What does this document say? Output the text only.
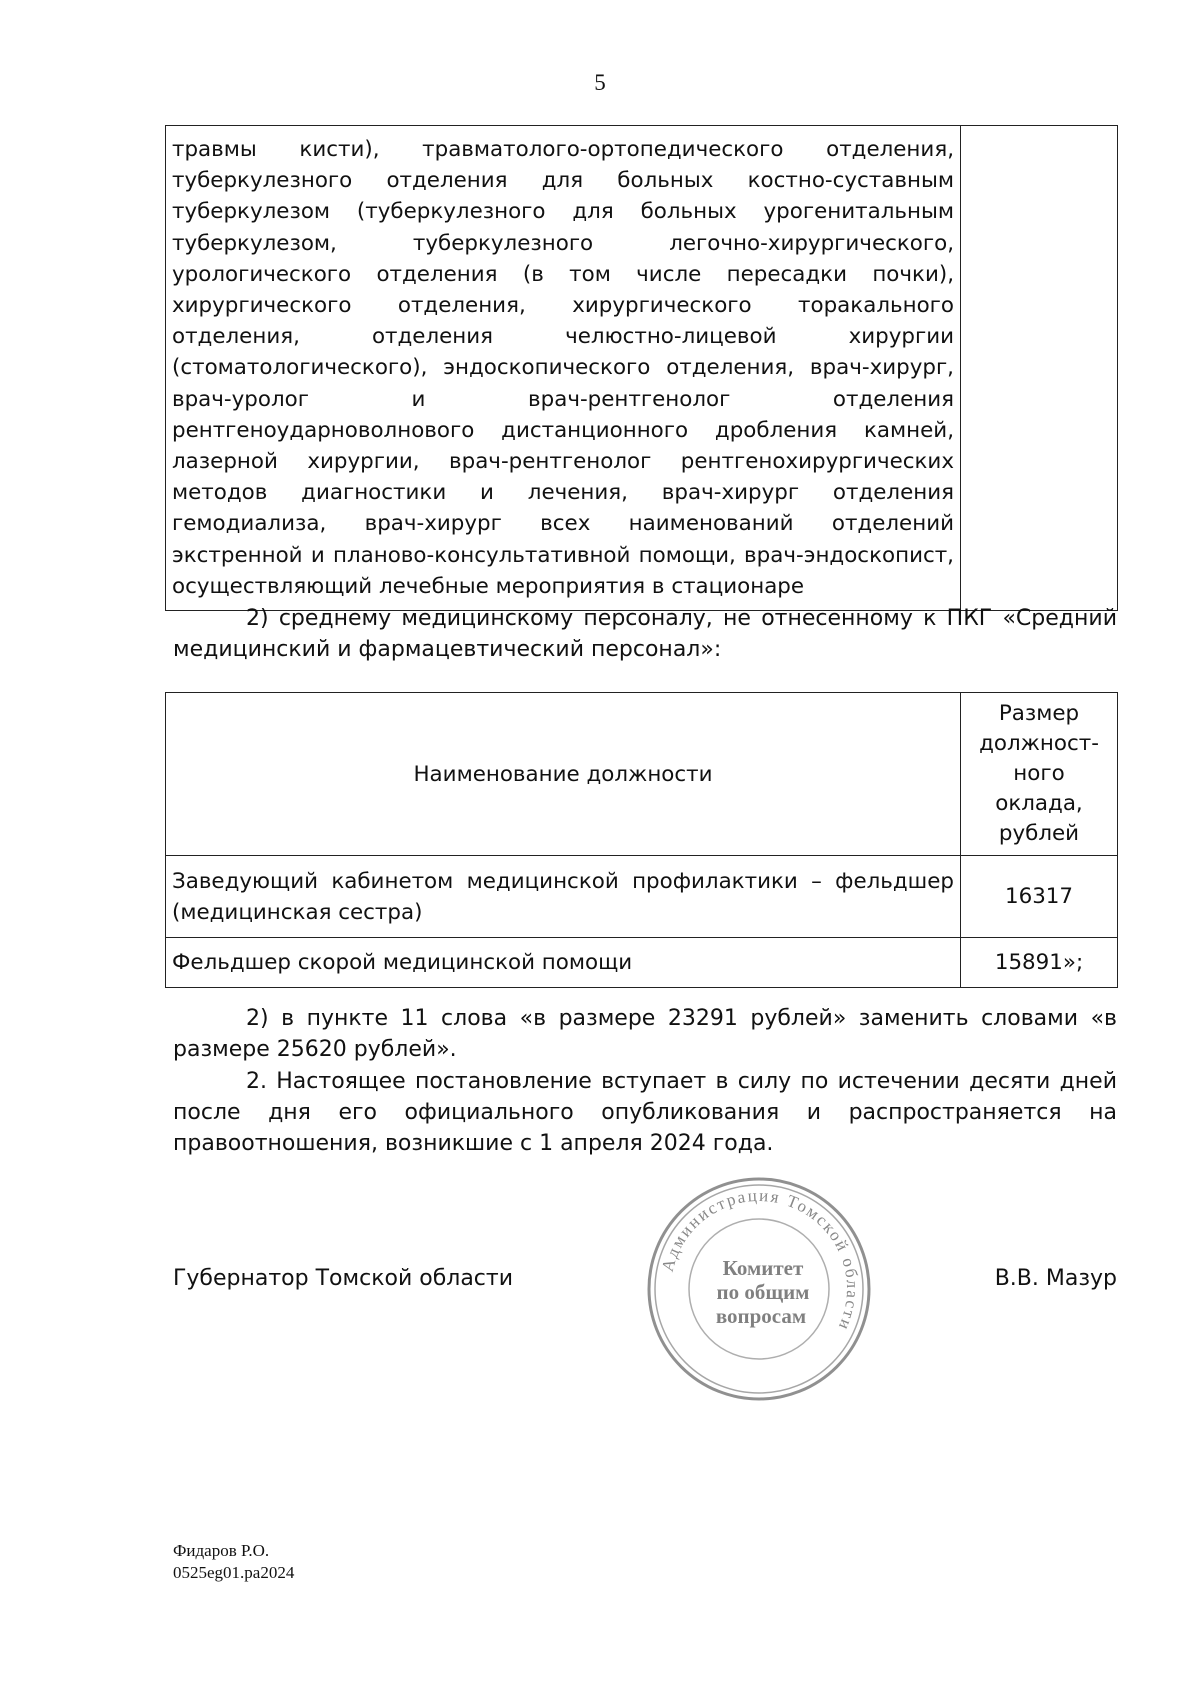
5
травмы кисти), травматолого-ортопедического отделения, туберкулезного отделения для больных костно-суставным туберкулезом (туберкулезного для больных урогенитальным туберкулезом, туберкулезного легочно-хирургического, урологического отделения (в том числе пересадки почки), хирургического отделения, хирургического торакального отделения, отделения челюстно-лицевой хирургии (стоматологического), эндоскопического отделения, врач-хирург, врач-уролог и врач-рентгенолог отделения рентгеноударноволнового дистанционного дробления камней, лазерной хирургии, врач-рентгенолог рентгенохирургических методов диагностики и лечения, врач-хирург отделения гемодиализа, врач-хирург всех наименований отделений экстренной и планово-консультативной помощи, врач-эндоскопист, осуществляющий лечебные мероприятия в стационаре	

2) среднему медицинскому персоналу, не отнесенному к ПКГ «Средний медицинский и фармацевтический персонал»:

Наименование должности	Размер должност-ного оклада, рублей
Заведующий кабинетом медицинской профилактики – фельдшер (медицинская сестра)	16317
Фельдшер скорой медицинской помощи	15891»;

2) в пункте 11 слова «в размере 23291 рублей» заменить словами «в размере 25620 рублей».

2. Настоящее постановление вступает в силу по истечении десяти дней после дня его официального опубликования и распространяется на правоотношения, возникшие с 1 апреля 2024 года.

Губернатор Томской области
Администрация Томской области
Комитет
по общим
вопросам
В.В. Мазур
Фидаров Р.О.
0525eg01.pa2024
